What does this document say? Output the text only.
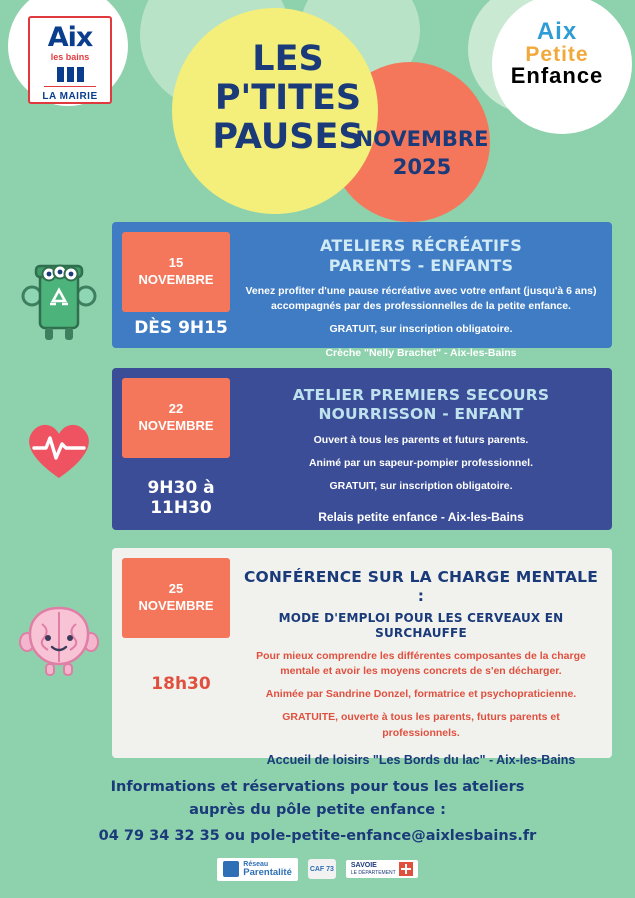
Aix
les bains
LA MAIRIE
Aix
Petite
Enfance
LES
P'TITES
PAUSES
NOVEMBRE
2025
15
NOVEMBRE
DÈS 9H15
ATELIERS RÉCRÉATIFS
PARENTS - ENFANTS

Venez profiter d'une pause récréative avec votre enfant (jusqu'à 6 ans) accompagnés par des professionnelles de la petite enfance.

GRATUIT, sur inscription obligatoire.

Crèche "Nelly Brachet" - Aix-les-Bains

22
NOVEMBRE
9H30 à 11H30
ATELIER PREMIERS SECOURS
NOURRISSON - ENFANT

Ouvert à tous les parents et futurs parents.

Animé par un sapeur-pompier professionnel.

GRATUIT, sur inscription obligatoire.

Relais petite enfance - Aix-les-Bains
25
NOVEMBRE
18h30
CONFÉRENCE SUR LA CHARGE MENTALE :
MODE D'EMPLOI POUR LES CERVEAUX EN SURCHAUFFE

Pour mieux comprendre les différentes composantes de la charge mentale et avoir les moyens concrets de s'en décharger.

Animée par Sandrine Donzel, formatrice et psychopraticienne.

GRATUITE, ouverte à tous les parents, futurs parents et professionnels.

Accueil de loisirs "Les Bords du lac" - Aix-les-Bains
Informations et réservations pour tous les ateliers
auprès du pôle petite enfance :
04 79 34 32 35 ou pole-petite-enfance@aixlesbains.fr
Réseau
Parentalité	CAF 73 SAVOIE
LE DÉPARTEMENT
